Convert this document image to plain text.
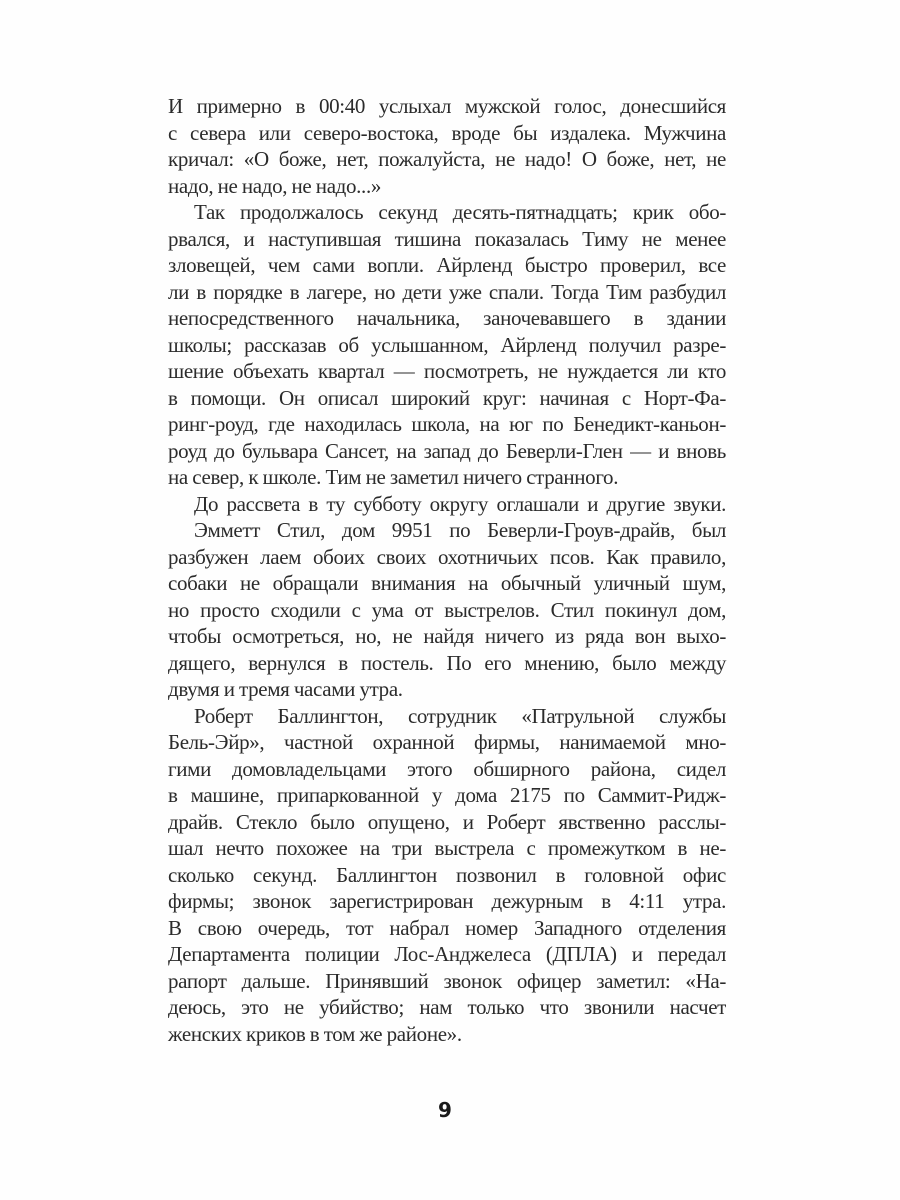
И примерно в 00:40 услыхал мужской голос, донесшийся
с севера или северо-востока, вроде бы издалека. Мужчина
кричал: «О боже, нет, пожалуйста, не надо! О боже, нет, не
надо, не надо, не надо...»
Так продолжалось секунд десять-пятнадцать; крик обо-
рвался, и наступившая тишина показалась Тиму не менее
зловещей, чем сами вопли. Айрленд быстро проверил, все
ли в порядке в лагере, но дети уже спали. Тогда Тим разбудил
непосредственного начальника, заночевавшего в здании
школы; рассказав об услышанном, Айрленд получил разре-
шение объехать квартал — посмотреть, не нуждается ли кто
в помощи. Он описал широкий круг: начиная с Норт-Фа-
ринг-роуд, где находилась школа, на юг по Бенедикт-каньон-
роуд до бульвара Сансет, на запад до Беверли-Глен — и вновь
на север, к школе. Тим не заметил ничего странного.
До рассвета в ту субботу округу оглашали и другие звуки.
Эмметт Стил, дом 9951 по Беверли-Гроув-драйв, был
разбужен лаем обоих своих охотничьих псов. Как правило,
собаки не обращали внимания на обычный уличный шум,
но просто сходили с ума от выстрелов. Стил покинул дом,
чтобы осмотреться, но, не найдя ничего из ряда вон выхо-
дящего, вернулся в постель. По его мнению, было между
двумя и тремя часами утра.
Роберт Баллингтон, сотрудник «Патрульной службы
Бель-Эйр», частной охранной фирмы, нанимаемой мно-
гими домовладельцами этого обширного района, сидел
в машине, припаркованной у дома 2175 по Саммит-Ридж-
драйв. Стекло было опущено, и Роберт явственно расслы-
шал нечто похожее на три выстрела с промежутком в не-
сколько секунд. Баллингтон позвонил в головной офис
фирмы; звонок зарегистрирован дежурным в 4:11 утра.
В свою очередь, тот набрал номер Западного отделения
Департамента полиции Лос-Анджелеса (ДПЛА) и передал
рапорт дальше. Принявший звонок офицер заметил: «На-
деюсь, это не убийство; нам только что звонили насчет
женских криков в том же районе».
9
